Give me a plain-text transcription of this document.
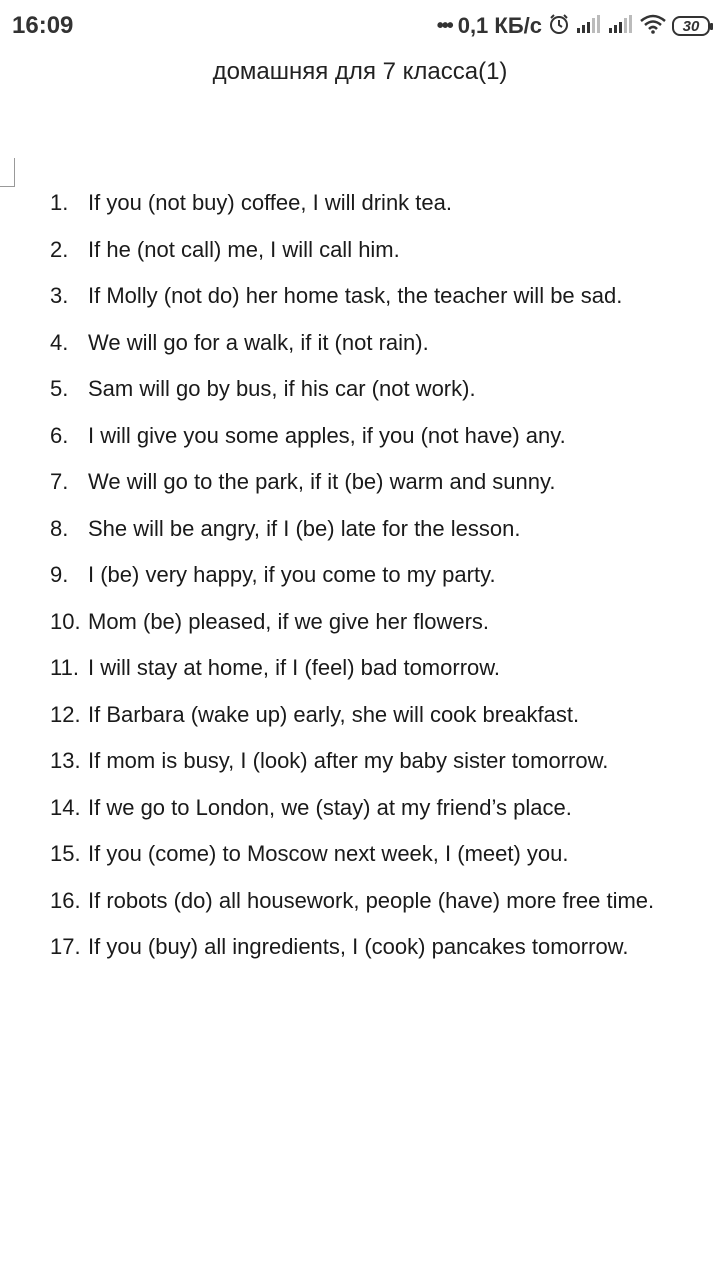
16:09	••• 0,1 КБ/с	30
домашняя для 7 класса(1)
1. If you (not buy) coffee, I will drink tea.
2. If he (not call) me, I will call him.
3. If Molly (not do) her home task, the teacher will be sad.
4. We will go for a walk, if it (not rain).
5. Sam will go by bus, if his car (not work).
6. I will give you some apples, if you (not have) any.
7. We will go to the park, if it (be) warm and sunny.
8. She will be angry, if I (be) late for the lesson.
9. I (be) very happy, if you come to my party.
10. Mom (be) pleased, if we give her flowers.
11. I will stay at home, if I (feel) bad tomorrow.
12. If Barbara (wake up) early, she will cook breakfast.
13. If mom is busy, I (look) after my baby sister tomorrow.
14. If we go to London, we (stay) at my friend’s place.
15. If you (come) to Moscow next week, I (meet) you.
16. If robots (do) all housework, people (have) more free time.
17. If you (buy) all ingredients, I (cook) pancakes tomorrow.
